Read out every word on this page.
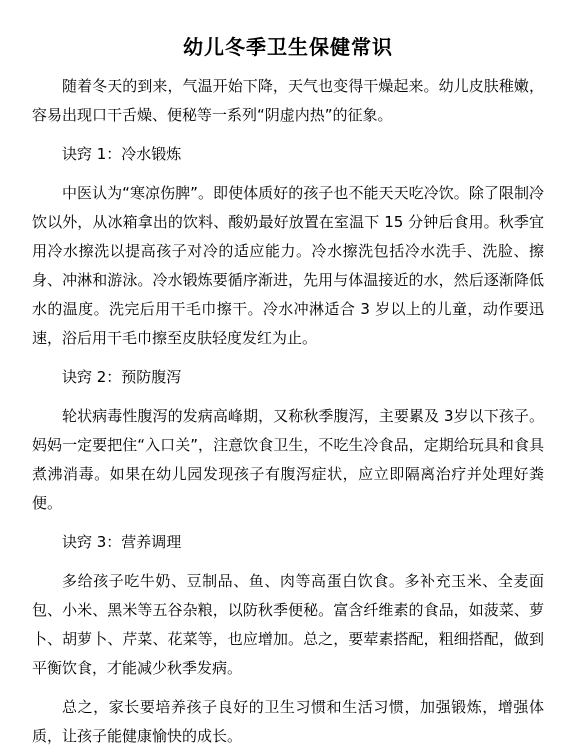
幼儿冬季卫生保健常识

随着冬天的到来，气温开始下降，天气也变得干燥起来。幼儿皮肤稚嫩，容易出现口干舌燥、便秘等一系列“阴虚内热”的征象。

诀窍 1：冷水锻炼

中医认为“寒凉伤脾”。即使体质好的孩子也不能天天吃冷饮。除了限制冷饮以外，从冰箱拿出的饮料、酸奶最好放置在室温下 15 分钟后食用。秋季宜用冷水擦洗以提高孩子对冷的适应能力。冷水擦洗包括冷水洗手、洗脸、擦身、冲淋和游泳。冷水锻炼要循序渐进，先用与体温接近的水，然后逐渐降低水的温度。洗完后用干毛巾擦干。冷水冲淋适合 3 岁以上的儿童，动作要迅速，浴后用干毛巾擦至皮肤轻度发红为止。

诀窍 2：预防腹泻

轮状病毒性腹泻的发病高峰期，又称秋季腹泻，主要累及 3岁以下孩子。妈妈一定要把住“入口关”，注意饮食卫生，不吃生冷食品，定期给玩具和食具煮沸消毒。如果在幼儿园发现孩子有腹泻症状，应立即隔离治疗并处理好粪便。

诀窍 3：营养调理

多给孩子吃牛奶、豆制品、鱼、肉等高蛋白饮食。多补充玉米、全麦面包、小米、黑米等五谷杂粮，以防秋季便秘。富含纤维素的食品，如菠菜、萝卜、胡萝卜、芹菜、花菜等，也应增加。总之，要荤素搭配，粗细搭配，做到平衡饮食，才能减少秋季发病。

总之，家长要培养孩子良好的卫生习惯和生活习惯，加强锻炼，增强体质，让孩子能健康愉快的成长。
